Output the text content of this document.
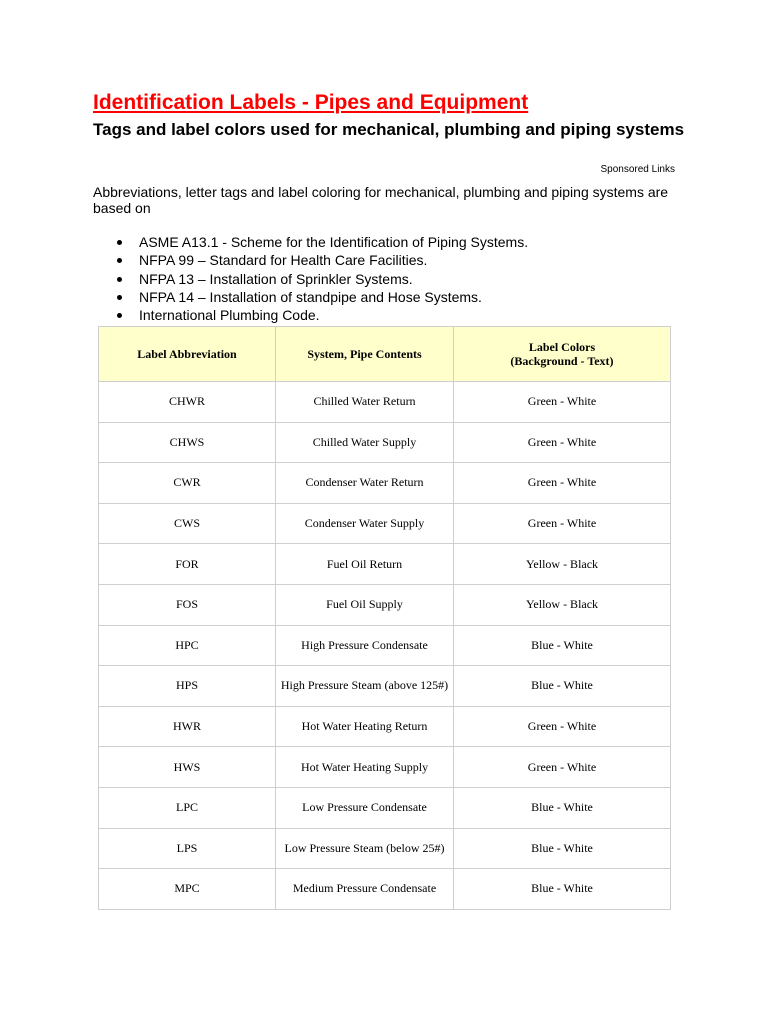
Identification Labels - Pipes and Equipment
Tags and label colors used for mechanical, plumbing and piping systems
Sponsored Links

Abbreviations, letter tags and label coloring for mechanical, plumbing and piping systems are based on

ASME A13.1 - Scheme for the Identification of Piping Systems.
NFPA 99 – Standard for Health Care Facilities.
NFPA 13 – Installation of Sprinkler Systems.
NFPA 14 – Installation of standpipe and Hose Systems.
International Plumbing Code.
Label Abbreviation	System, Pipe Contents	Label Colors
(Background - Text)

CHWR	Chilled Water Return	Green - White
CHWS	Chilled Water Supply	Green - White
CWR	Condenser Water Return	Green - White
CWS	Condenser Water Supply	Green - White
FOR	Fuel Oil Return	Yellow - Black
FOS	Fuel Oil Supply	Yellow - Black
HPC	High Pressure Condensate	Blue - White
HPS	High Pressure Steam (above 125#)	Blue - White
HWR	Hot Water Heating Return	Green - White
HWS	Hot Water Heating Supply	Green - White
LPC	Low Pressure Condensate	Blue - White
LPS	Low Pressure Steam (below 25#)	Blue - White
MPC	Medium Pressure Condensate	Blue - White
